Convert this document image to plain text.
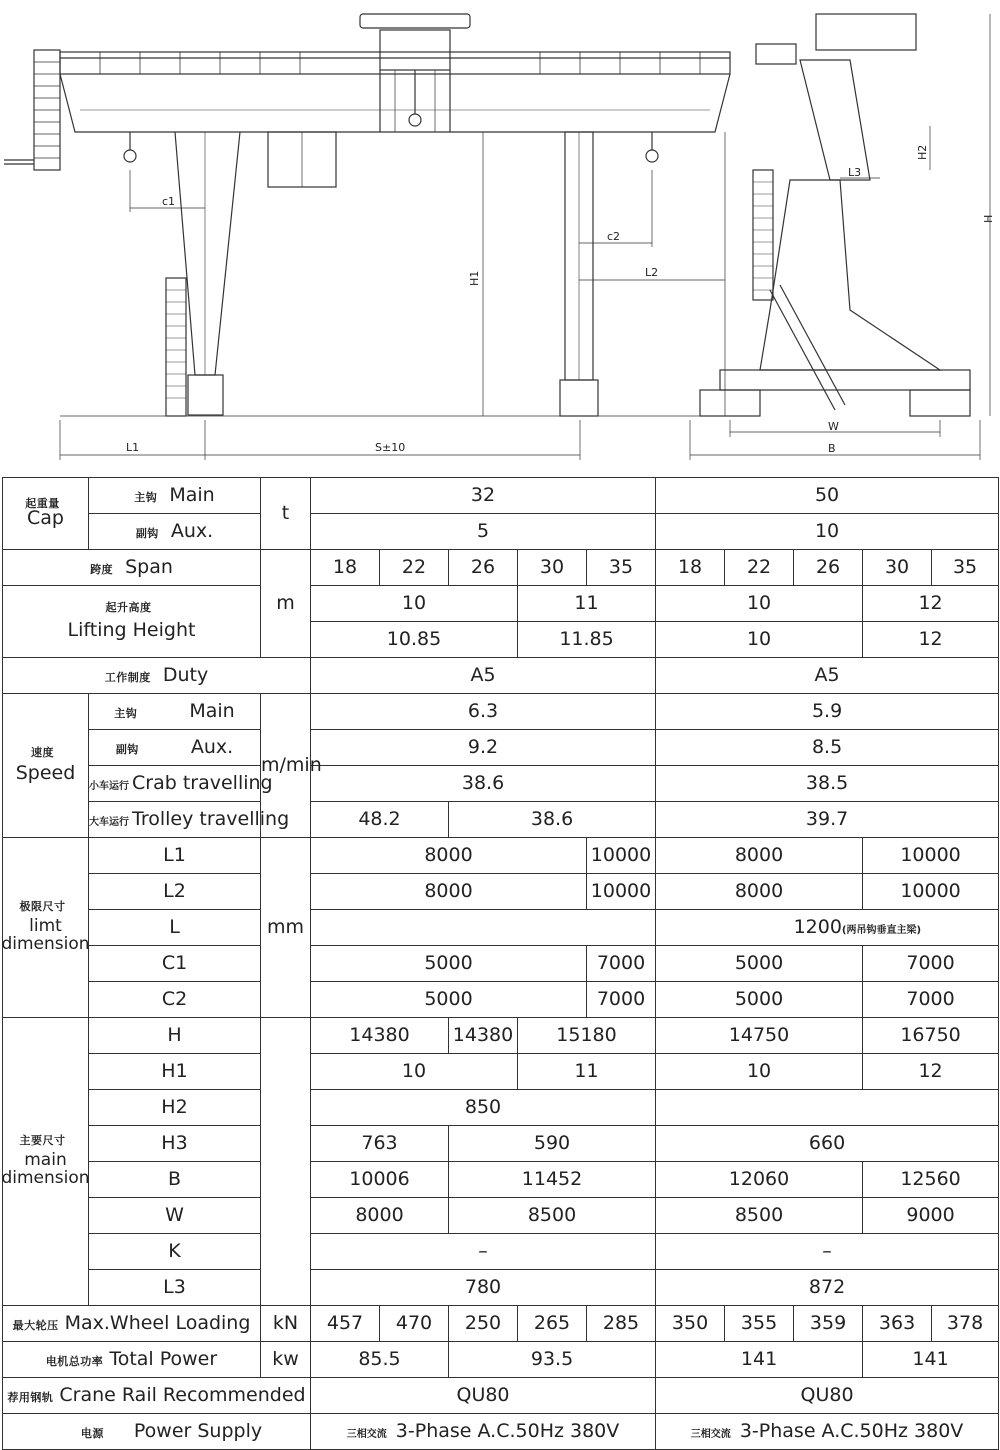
c1
c2
H1	L2
L1	S±10
W
B
H
H2
L3
起重量
Cap	主钩 Main	t	32					50				
	副钩 Aux.		5					10				
跨度 Span		m	18	22	26	30	35	18	22	26	30	35

起升高度
Lifting Height			10			11		10			12	
			10.85			11.85		10			12	
工作制度 Duty			A5					A5				

速度
Speed	主钩 Main	m/min	6.3					5.9				
	副钩 Aux.		9.2					8.5				
	小车运行 Crab travelling		38.6					38.5				
	大车运行 Trolley travelling		48.2		38.6			39.7				

极限尺寸
limt
dimension	L1	mm	8000				10000	8000			10000	
	L2		8000				10000	8000			10000	
	L							1200(两吊钩垂直主梁)				
	C1		5000				7000	5000			7000	
	C2		5000				7000	5000			7000	

主要尺寸
main
dimension	H		14380		14380	15180		14750			16750	
	H1		10			11		10			12	
	H2		850									
	H3		763		590			660				
	B		10006		11452			12060			12560	
	W		8000		8500			8500			9000	
	K		–					–				
	L3		780					872				
最大轮压 Max.Wheel Loading		kN	457	470	250	265	285	350	355	359	363	378
电机总功率 Total Power		kw	85.5		93.5			141			141	
荐用钢轨 Crane Rail Recommended			QU80					QU80				
电源 Power Supply			三相交流 3-Phase A.C.50Hz 380V					三相交流 3-Phase A.C.50Hz 380V				
